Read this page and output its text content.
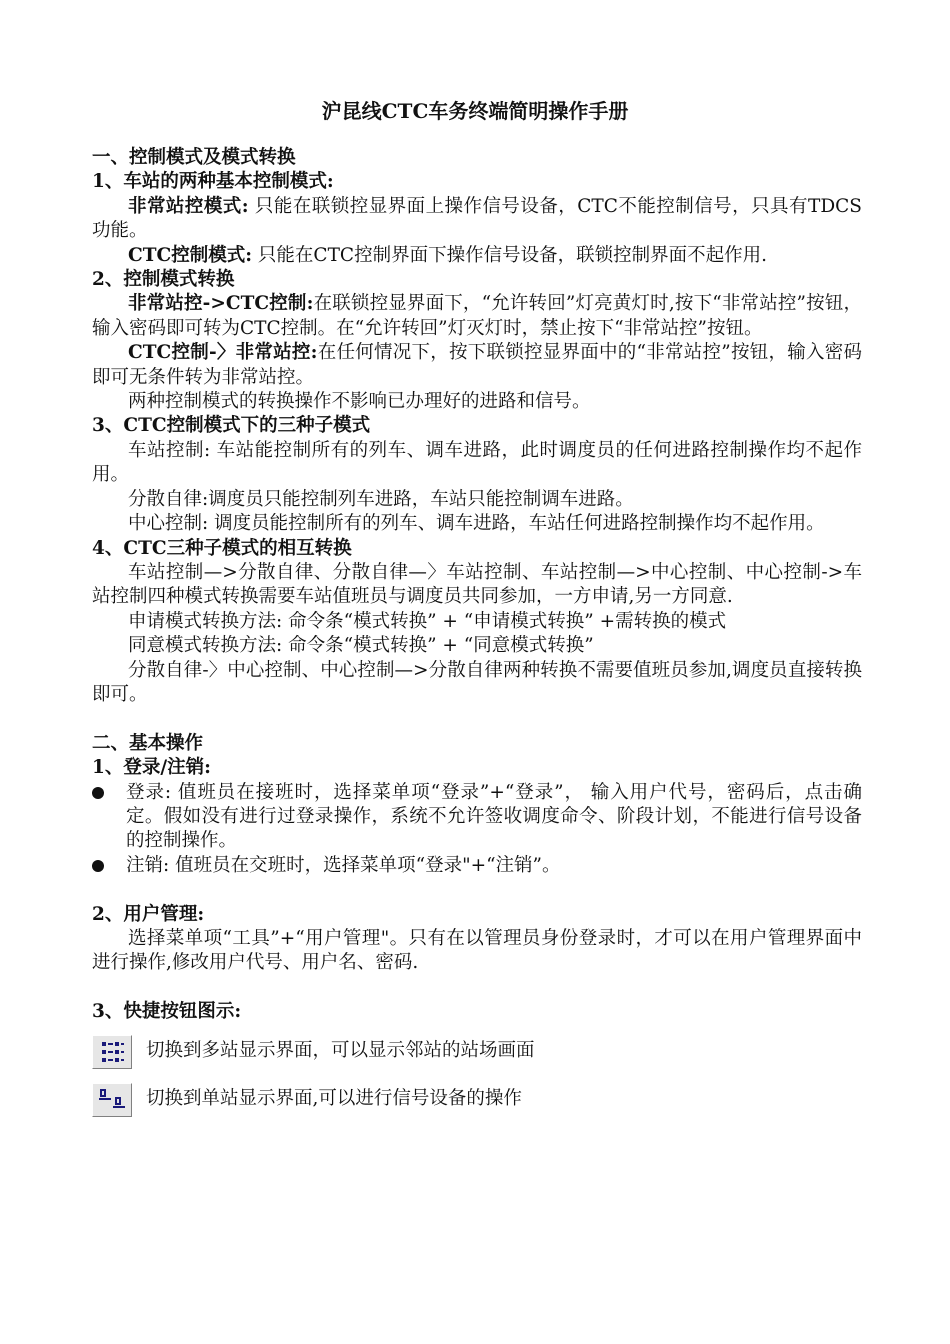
沪昆线CTC车务终端简明操作手册

一、控制模式及模式转换

1、车站的两种基本控制模式:

非常站控模式: 只能在联锁控显界面上操作信号设备，CTC不能控制信号，只具有TDCS功能。

CTC控制模式: 只能在CTC控制界面下操作信号设备，联锁控制界面不起作用.

2、控制模式转换

非常站控->CTC控制:在联锁控显界面下，“允许转回”灯亮黄灯时,按下“非常站控”按钮，输入密码即可转为CTC控制。在“允许转回”灯灭灯时，禁止按下“非常站控”按钮。

CTC控制-〉非常站控:在任何情况下，按下联锁控显界面中的“非常站控”按钮，输入密码即可无条件转为非常站控。

两种控制模式的转换操作不影响已办理好的进路和信号。

3、CTC控制模式下的三种子模式

车站控制: 车站能控制所有的列车、调车进路，此时调度员的任何进路控制操作均不起作用。

分散自律:调度员只能控制列车进路，车站只能控制调车进路。

中心控制: 调度员能控制所有的列车、调车进路，车站任何进路控制操作均不起作用。

4、CTC三种子模式的相互转换

车站控制—>分散自律、分散自律—〉车站控制、车站控制—>中心控制、中心控制->车站控制四种模式转换需要车站值班员与调度员共同参加，一方申请,另一方同意.

申请模式转换方法: 命令条“模式转换” + “申请模式转换” +需转换的模式

同意模式转换方法: 命令条“模式转换” + “同意模式转换”

分散自律-〉中心控制、中心控制—>分散自律两种转换不需要值班员参加,调度员直接转换即可。

二、基本操作

1、登录/注销:

登录: 值班员在接班时，选择菜单项“登录”+“登录”， 输入用户代号，密码后，点击确定。假如没有进行过登录操作，系统不允许签收调度命令、阶段计划，不能进行信号设备的控制操作。
注销: 值班员在交班时，选择菜单项“登录"+“注销”。

2、用户管理:

选择菜单项“工具”+“用户管理"。只有在以管理员身份登录时，才可以在用户管理界面中进行操作,修改用户代号、用户名、密码.

3、快捷按钮图示:

切换到多站显示界面，可以显示邻站的站场画面
切换到单站显示界面,可以进行信号设备的操作
